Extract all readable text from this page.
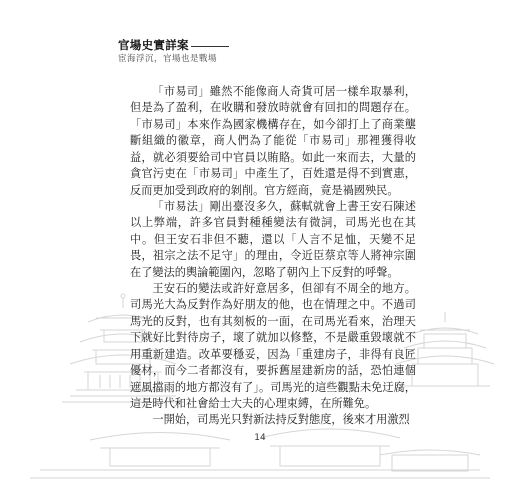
官場史實詳案
宦海浮沉，官場也是戰場

「市易司」雖然不能像商人奇貨可居一樣牟取暴利，但是為了盈利，在收購和發放時就會有回扣的問題存在。「市易司」本來作為國家機構存在，如今卻打上了商業壟斷組織的徽章，商人們為了能從「市易司」那裡獲得收益，就必須要給司中官員以賄賂。如此一來而去，大量的貪官污吏在「市易司」中產生了，百姓還是得不到實惠，反而更加受到政府的剝削。官方經商，竟是禍國殃民。

「市易法」剛出臺沒多久，蘇軾就會上書王安石陳述以上弊端，許多官員對種種變法有微詞，司馬光也在其中。但王安石非但不聽，還以「人言不足恤，天變不足畏，祖宗之法不足守」的理由，令近臣蔡京等人將神宗圍在了變法的輿論範圍內，忽略了朝內上下反對的呼聲。

王安石的變法或許好意居多，但卻有不周全的地方。司馬光大為反對作為好朋友的他，也在情理之中。不過司馬光的反對，也有其刻板的一面，在司馬光看來，治理天下就好比對待房子，壞了就加以修整，不是嚴重毀壞就不用重新建造。改革要穩妥，因為「重建房子，非得有良匠優材，而今二者都沒有，要拆舊屋建新房的話，恐怕連個遮風擋雨的地方都沒有了」。司馬光的這些觀點未免迂腐，這是時代和社會給士大夫的心理束縛，在所難免。

一開始，司馬光只對新法持反對態度，後來才用激烈

14
